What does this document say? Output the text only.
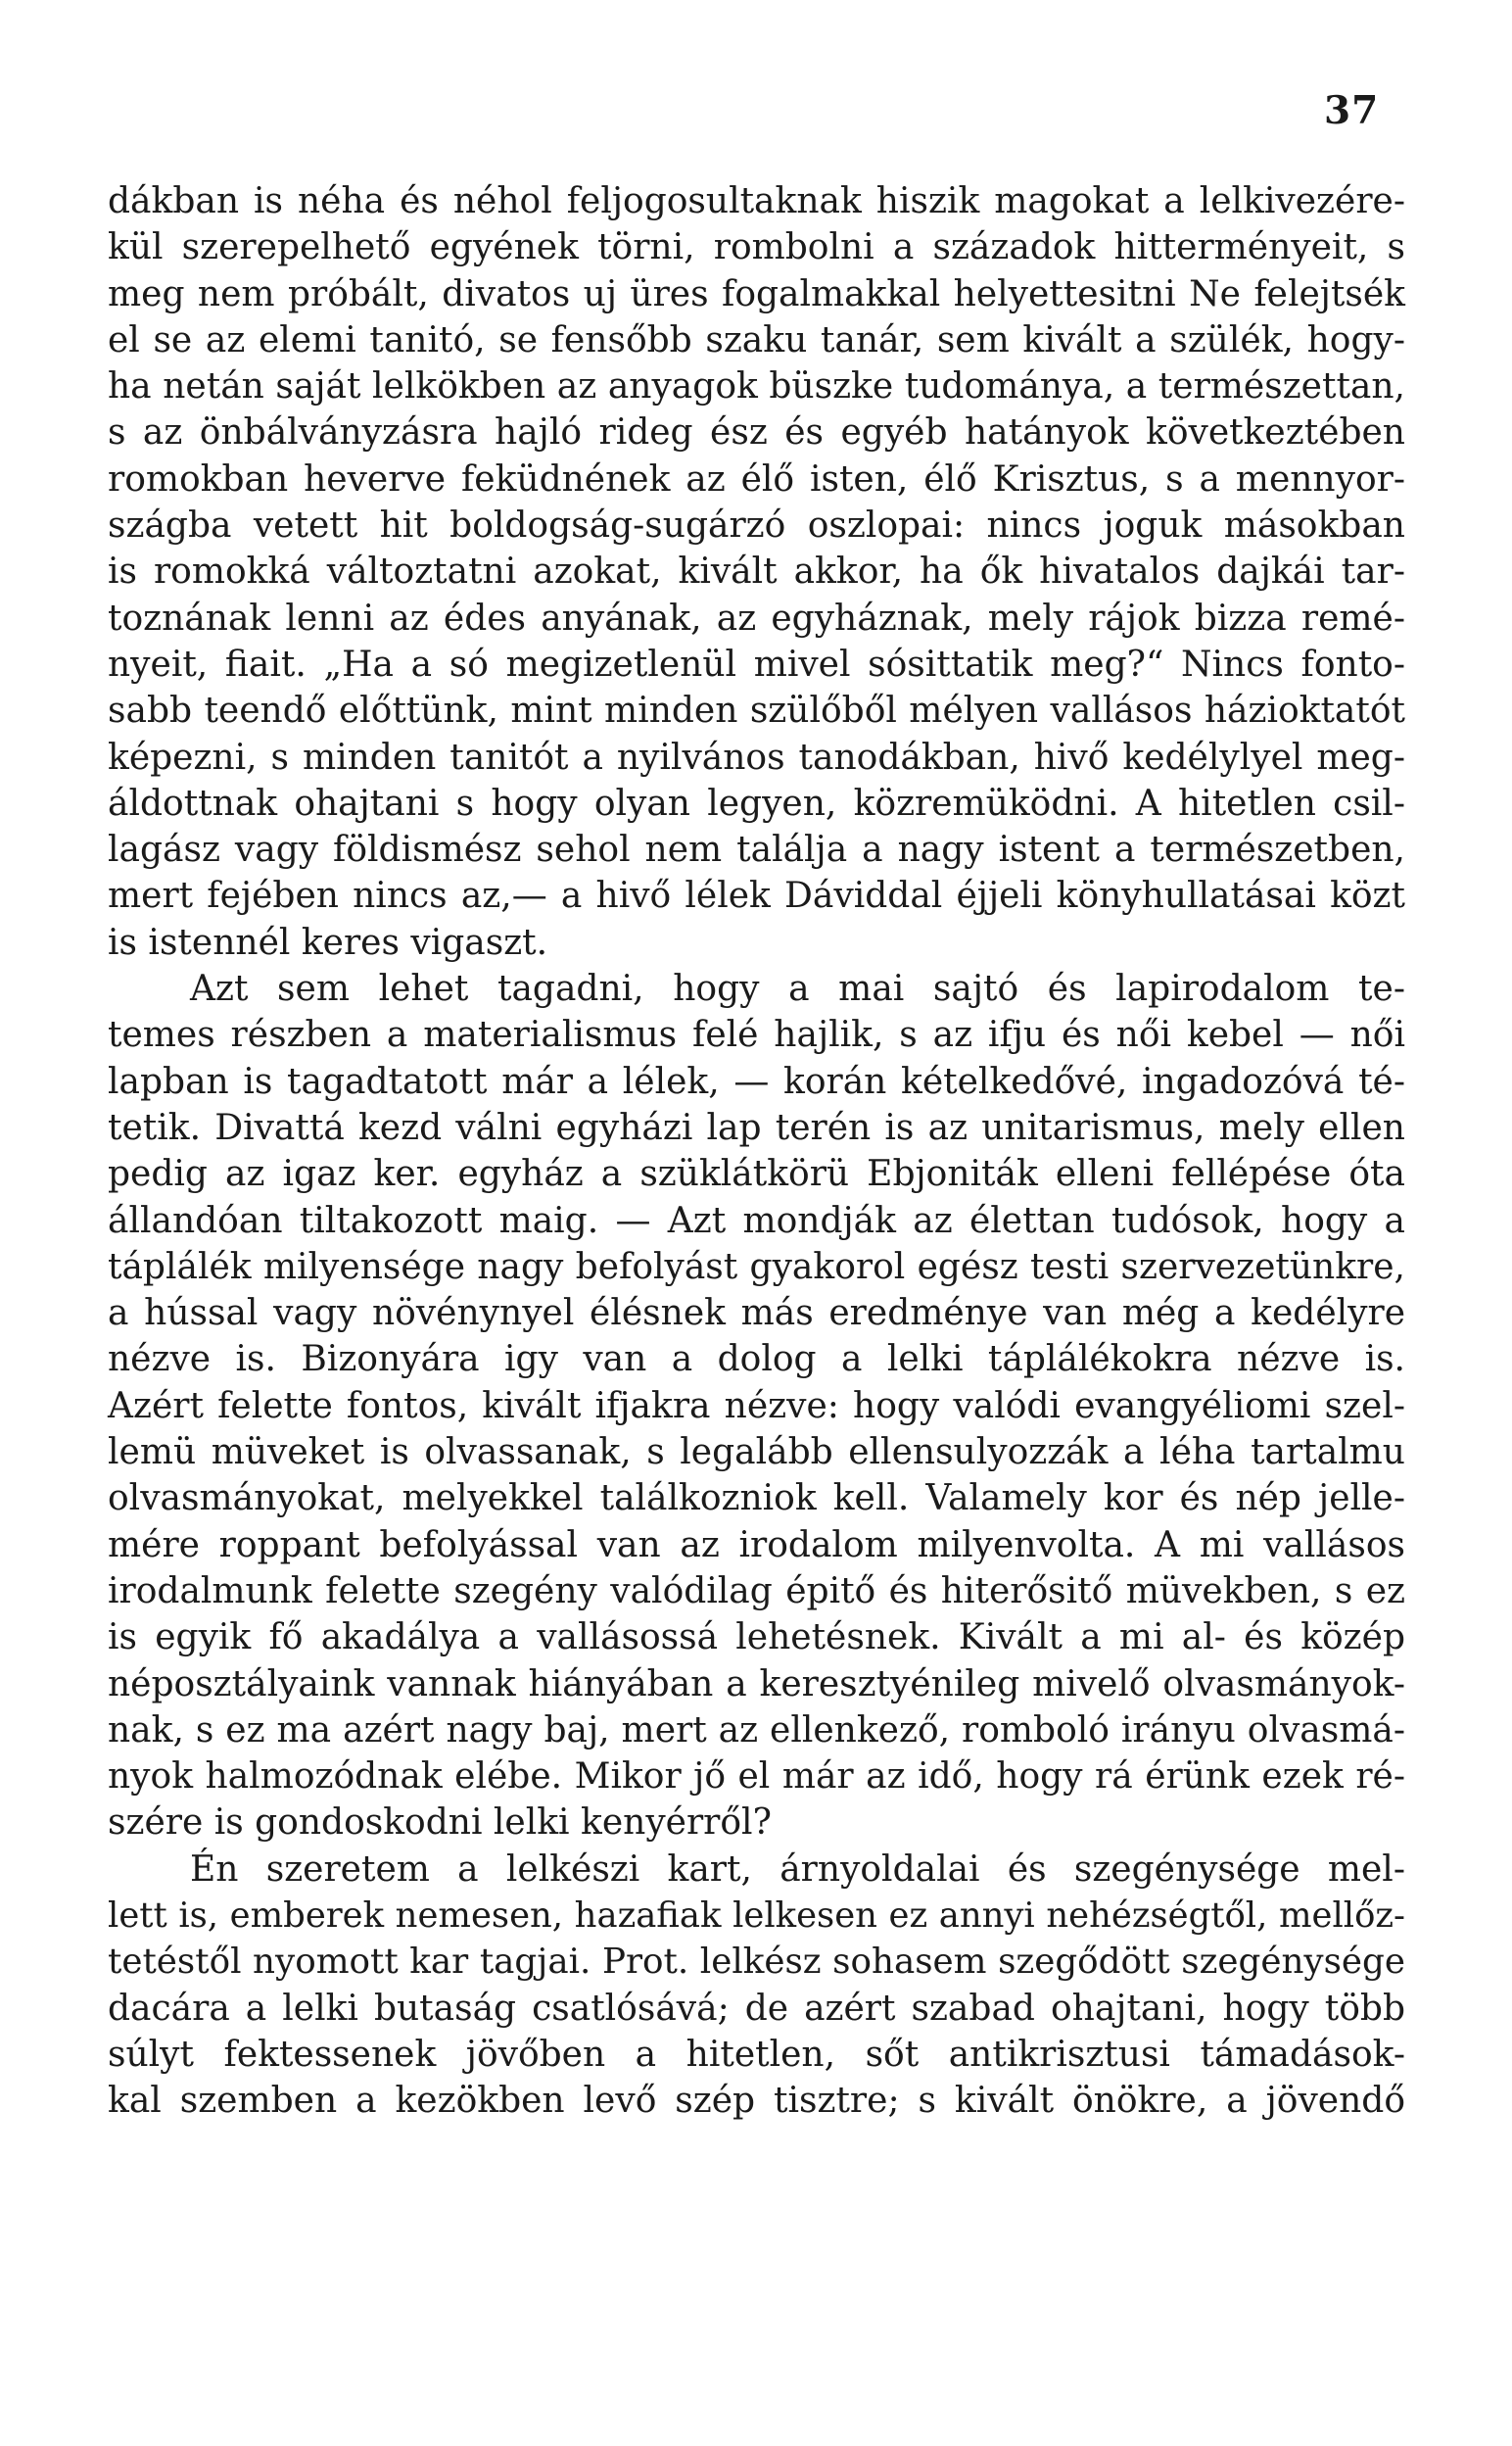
37
dákban is néha és néhol feljogosultaknak hiszik magokat a lelkivezére-
kül szerepelhető egyének törni, rombolni a századok hitterményeit, s
meg nem próbált, divatos uj üres fogalmakkal helyettesitni Ne felejtsék
el se az elemi tanitó, se fensőbb szaku tanár, sem kivált a szülék, hogy-
ha netán saját lelkökben az anyagok büszke tudománya, a természettan,
s az önbálványzásra hajló rideg ész és egyéb hatányok következtében
romokban heverve feküdnének az élő isten, élő Krisztus, s a mennyor-
szágba vetett hit boldogság-sugárzó oszlopai: nincs joguk másokban
is romokká változtatni azokat, kivált akkor, ha ők hivatalos dajkái tar-
toznának lenni az édes anyának, az egyháznak, mely rájok bizza remé-
nyeit, fiait. „Ha a só megizetlenül mivel sósittatik meg?“ Nincs fonto-
sabb teendő előttünk, mint minden szülőből mélyen vallásos házioktatót
képezni, s minden tanitót a nyilvános tanodákban, hivő kedélylyel meg-
áldottnak ohajtani s hogy olyan legyen, közremüködni. A hitetlen csil-
lagász vagy földismész sehol nem találja a nagy istent a természetben,
mert fejében nincs az,— a hivő lélek Dáviddal éjjeli könyhullatásai közt
is istennél keres vigaszt.
Azt sem lehet tagadni, hogy a mai sajtó és lapirodalom te-
temes részben a materialismus felé hajlik, s az ifju és női kebel — női
lapban is tagadtatott már a lélek, — korán kételkedővé, ingadozóvá té-
tetik. Divattá kezd válni egyházi lap terén is az unitarismus, mely ellen
pedig az igaz ker. egyház a szüklátkörü Ebjoniták elleni fellépése óta
állandóan tiltakozott maig. — Azt mondják az élettan tudósok, hogy a
táplálék milyensége nagy befolyást gyakorol egész testi szervezetünkre,
a hússal vagy növénynyel élésnek más eredménye van még a kedélyre
nézve is. Bizonyára igy van a dolog a lelki táplálékokra nézve is.
Azért felette fontos, kivált ifjakra nézve: hogy valódi evangyéliomi szel-
lemü müveket is olvassanak, s legalább ellensulyozzák a léha tartalmu
olvasmányokat, melyekkel találkozniok kell. Valamely kor és nép jelle-
mére roppant befolyással van az irodalom milyenvolta. A mi vallásos
irodalmunk felette szegény valódilag épitő és hiterősitő müvekben, s ez
is egyik fő akadálya a vallásossá lehetésnek. Kivált a mi al- és közép
néposztályaink vannak hiányában a keresztyénileg mivelő olvasmányok-
nak, s ez ma azért nagy baj, mert az ellenkező, romboló irányu olvasmá-
nyok halmozódnak elébe. Mikor jő el már az idő, hogy rá érünk ezek ré-
szére is gondoskodni lelki kenyérről?
Én szeretem a lelkészi kart, árnyoldalai és szegénysége mel-
lett is, emberek nemesen, hazafiak lelkesen ez annyi nehézségtől, mellőz-
tetéstől nyomott kar tagjai. Prot. lelkész sohasem szegődött szegénysége
dacára a lelki butaság csatlósává; de azért szabad ohajtani, hogy több
súlyt fektessenek jövőben a hitetlen, sőt antikrisztusi támadások-
kal szemben a kezökben levő szép tisztre; s kivált önökre, a jövendő
